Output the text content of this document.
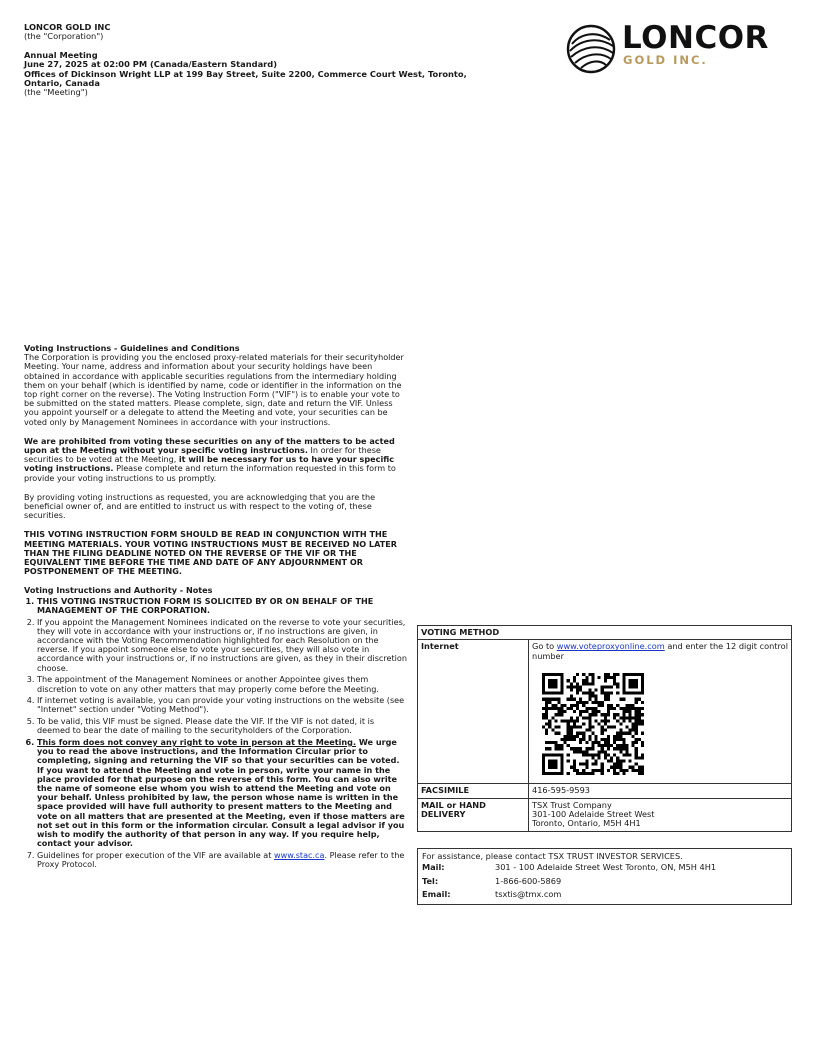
LONCOR GOLD INC
(the "Corporation")
Annual Meeting
June 27, 2025 at 02:00 PM (Canada/Eastern Standard)
Offices of Dickinson Wright LLP at 199 Bay Street, Suite 2200, Commerce Court West, Toronto, Ontario, Canada
(the "Meeting")
LONCOR
GOLD INC.
Voting Instructions - Guidelines and Conditions

The Corporation is providing you the enclosed proxy-related materials for their securityholder Meeting. Your name, address and information about your security holdings have been obtained in accordance with applicable securities regulations from the intermediary holding them on your behalf (which is identified by name, code or identifier in the information on the top right corner on the reverse). The Voting Instruction Form ("VIF") is to enable your vote to be submitted on the stated matters. Please complete, sign, date and return the VIF. Unless you appoint yourself or a delegate to attend the Meeting and vote, your securities can be voted only by Management Nominees in accordance with your instructions.

We are prohibited from voting these securities on any of the matters to be acted upon at the Meeting without your specific voting instructions. In order for these securities to be voted at the Meeting, it will be necessary for us to have your specific voting instructions. Please complete and return the information requested in this form to provide your voting instructions to us promptly.

By providing voting instructions as requested, you are acknowledging that you are the beneficial owner of, and are entitled to instruct us with respect to the voting of, these securities.

THIS VOTING INSTRUCTION FORM SHOULD BE READ IN CONJUNCTION WITH THE MEETING MATERIALS. YOUR VOTING INSTRUCTIONS MUST BE RECEIVED NO LATER THAN THE FILING DEADLINE NOTED ON THE REVERSE OF THE VIF OR THE EQUIVALENT TIME BEFORE THE TIME AND DATE OF ANY ADJOURNMENT OR POSTPONEMENT OF THE MEETING.

Voting Instructions and Authority - Notes
1. THIS VOTING INSTRUCTION FORM IS SOLICITED BY OR ON BEHALF OF THE MANAGEMENT OF THE CORPORATION.
2. If you appoint the Management Nominees indicated on the reverse to vote your securities, they will vote in accordance with your instructions or, if no instructions are given, in accordance with the Voting Recommendation highlighted for each Resolution on the reverse. If you appoint someone else to vote your securities, they will also vote in accordance with your instructions or, if no instructions are given, as they in their discretion choose.
3. The appointment of the Management Nominees or another Appointee gives them discretion to vote on any other matters that may properly come before the Meeting.
4. If internet voting is available, you can provide your voting instructions on the website (see "Internet" section under "Voting Method").
5. To be valid, this VIF must be signed. Please date the VIF. If the VIF is not dated, it is deemed to bear the date of mailing to the securityholders of the Corporation.
6. This form does not convey any right to vote in person at the Meeting. We urge you to read the above instructions, and the Information Circular prior to completing, signing and returning the VIF so that your securities can be voted. If you want to attend the Meeting and vote in person, write your name in the place provided for that purpose on the reverse of this form. You can also write the name of someone else whom you wish to attend the Meeting and vote on your behalf. Unless prohibited by law, the person whose name is written in the space provided will have full authority to present matters to the Meeting and vote on all matters that are presented at the Meeting, even if those matters are not set out in this form or the information circular. Consult a legal advisor if you wish to modify the authority of that person in any way. If you require help, contact your advisor.
7. Guidelines for proper execution of the VIF are available at www.stac.ca. Please refer to the Proxy Protocol.
VOTING METHOD	
Internet	Go to www.voteproxyonline.com and enter the 12 digit control number

FACSIMILE	416-595-9593
MAIL or HAND DELIVERY	TSX Trust Company
301-100 Adelaide Street West
Toronto, Ontario, M5H 4H1
For assistance, please contact TSX TRUST INVESTOR SERVICES.
Mail:	301 - 100 Adelaide Street West Toronto, ON, M5H 4H1
Tel:	1-866-600-5869
Email:	tsxtis@tmx.com
